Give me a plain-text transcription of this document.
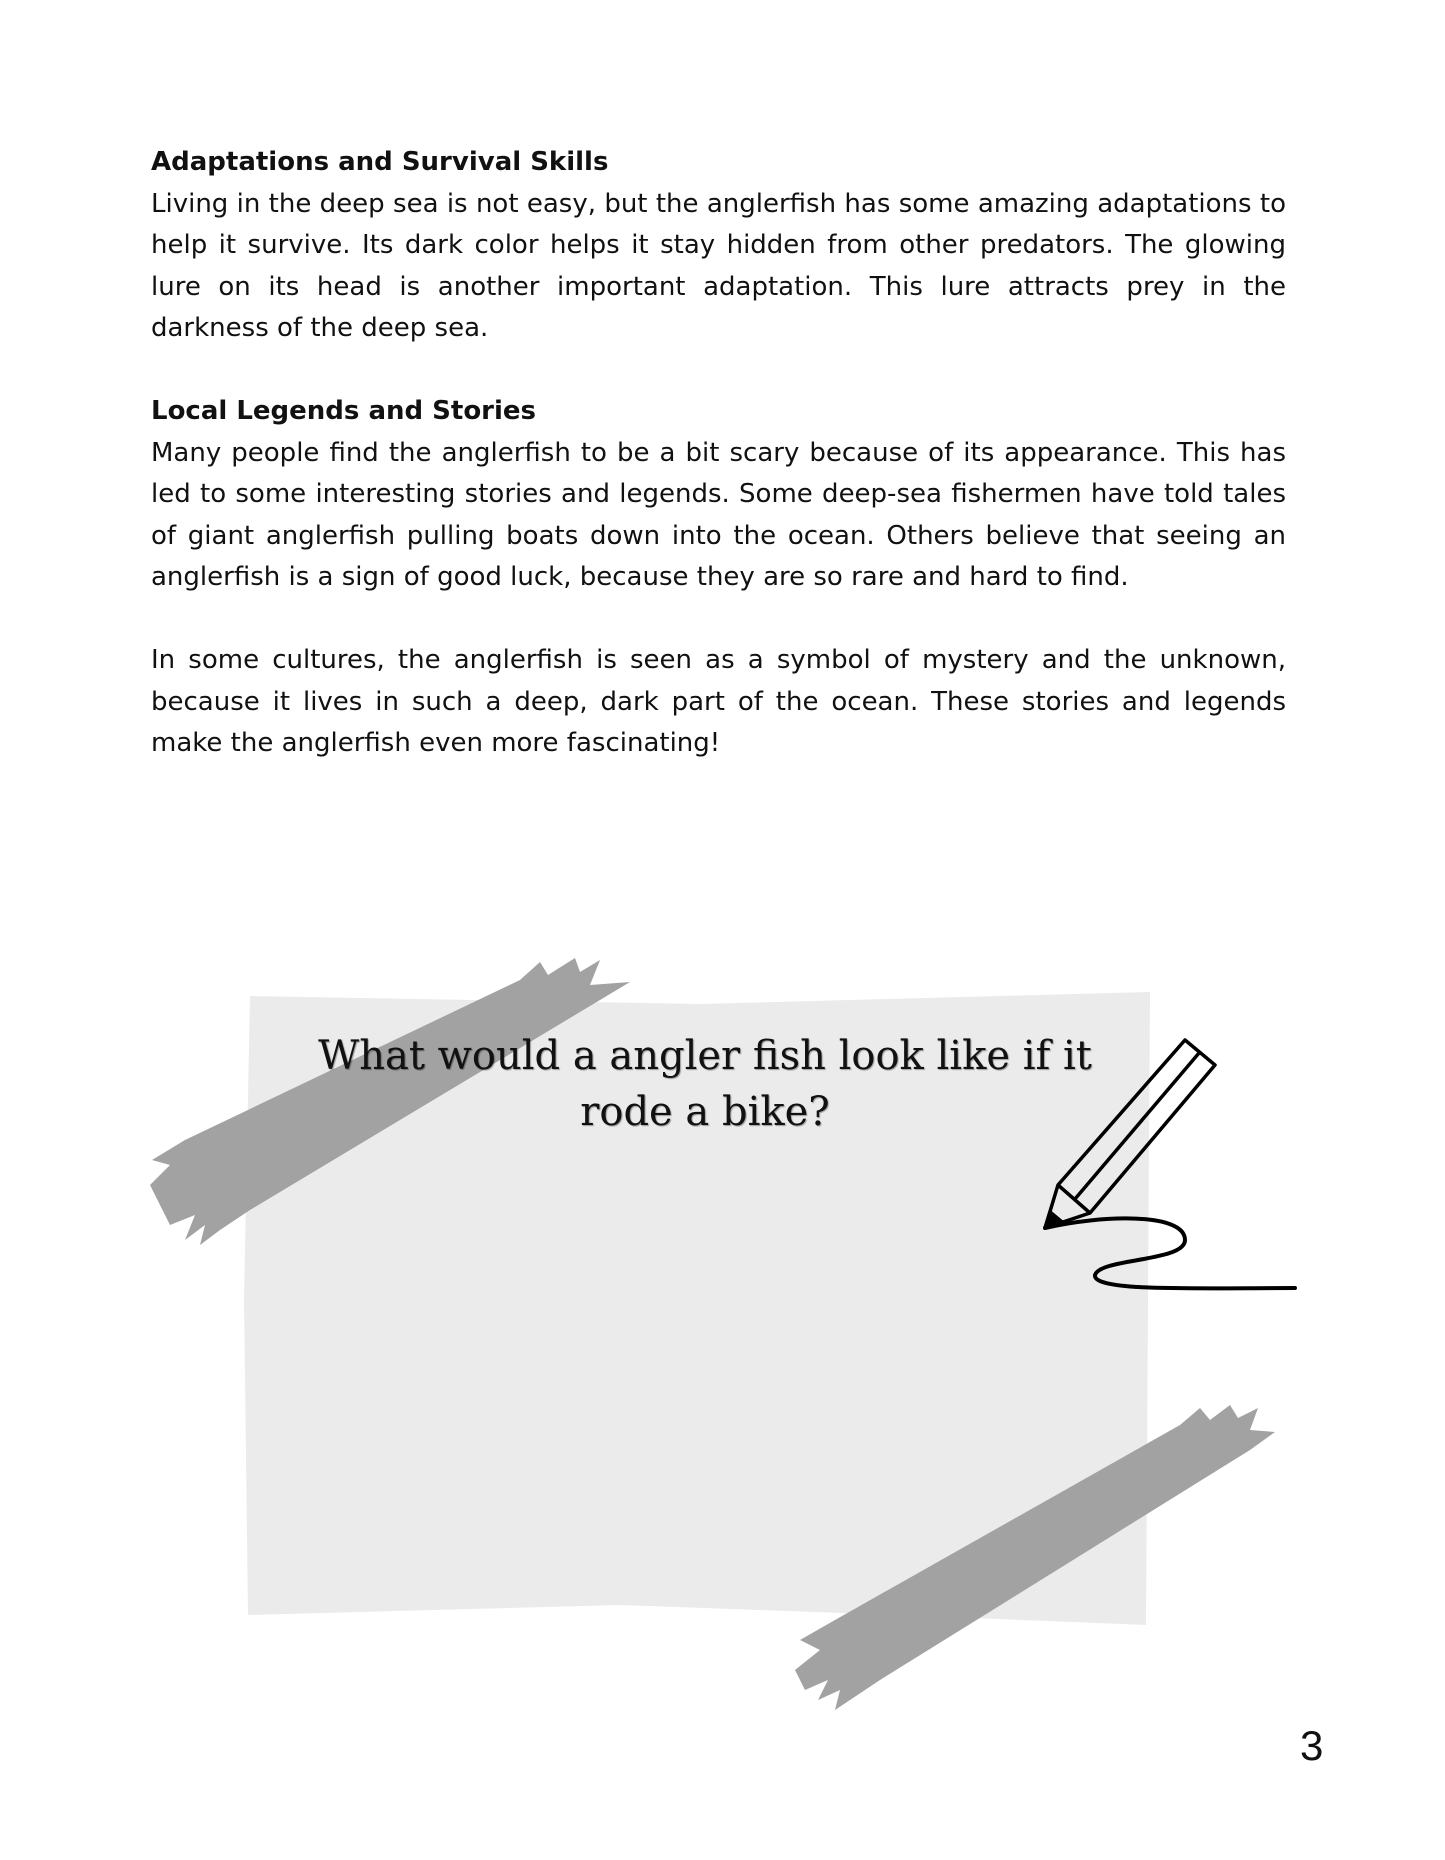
Adaptations and Survival Skills

Living in the deep sea is not easy, but the anglerfish has some amazing adaptations to help it survive. Its dark color helps it stay hidden from other predators. The glowing lure on its head is another important adaptation. This lure attracts prey in the darkness of the deep sea.

Local Legends and Stories

Many people find the anglerfish to be a bit scary because of its appearance. This has led to some interesting stories and legends. Some deep-sea fishermen have told tales of giant anglerfish pulling boats down into the ocean. Others believe that seeing an anglerfish is a sign of good luck, because they are so rare and hard to find.

In some cultures, the anglerfish is seen as a symbol of mystery and the unknown, because it lives in such a deep, dark part of the ocean. These stories and legends make the anglerfish even more fascinating!

What would a angler fish look like if it rode a bike?
3
